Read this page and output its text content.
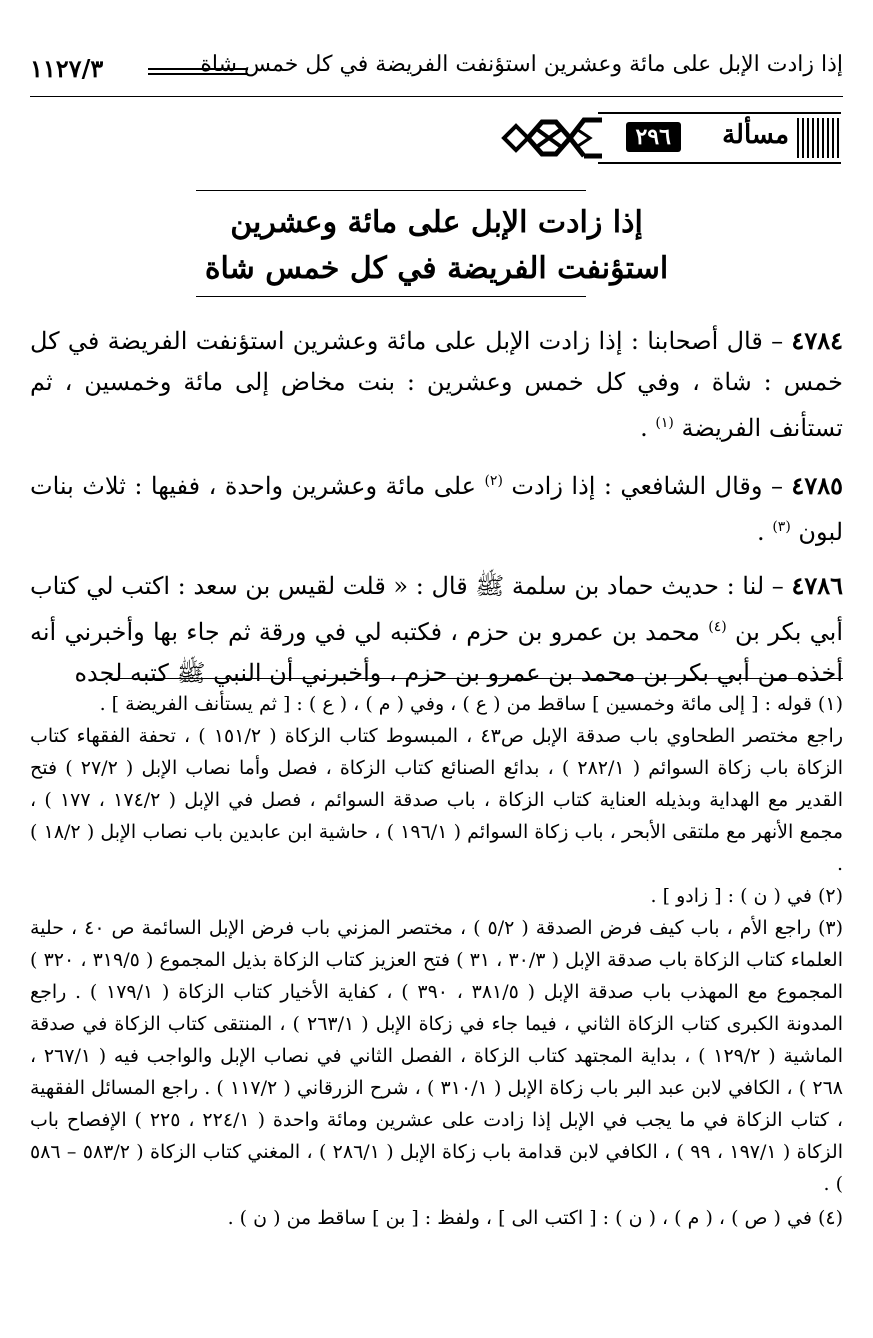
١١٢٧/٣	إذا زادت الإبل على مائة وعشرين استؤنفت الفريضة في كل خمس شاة
مسألة
٢٩٦
إذا زادت الإبل على مائة وعشرين
استؤنفت الفريضة في كل خمس شاة

٤٧٨٤ – قال أصحابنا : إذا زادت الإبل على مائة وعشرين استؤنفت الفريضة في كل خمس : شاة ، وفي كل خمس وعشرين : بنت مخاض إلى مائة وخمسين ، ثم تستأنف الفريضة $^{(١)}$ .

٤٧٨٥ – وقال الشافعي : إذا زادت $^{(٢)}$ على مائة وعشرين واحدة ، ففيها : ثلاث بنات لبون $^{(٣)}$ .

٤٧٨٦ – لنا : حديث حماد بن سلمة ﷺ قال : « قلت لقيس بن سعد : اكتب لي كتاب أبي بكر بن $^{(٤)}$ محمد بن عمرو بن حزم ، فكتبه لي في ورقة ثم جاء بها وأخبرني أنه أخذه من أبي بكر بن محمد بن عمرو بن حزم ، وأخبرني أن النبي ﷺ كتبه لجده

(١) قوله : [ إلى مائة وخمسين ] ساقط من ( ع ) ، وفي ( م ) ، ( ع ) : [ ثم يستأنف الفريضة ] .

راجع مختصر الطحاوي باب صدقة الإبل ص٤٣ ، المبسوط كتاب الزكاة ( ١٥١/٢ ) ، تحفة الفقهاء كتاب الزكاة باب زكاة السوائم ( ٢٨٢/١ ) ، بدائع الصنائع كتاب الزكاة ، فصل وأما نصاب الإبل ( ٢٧/٢ ) فتح القدير مع الهداية وبذيله العناية كتاب الزكاة ، باب صدقة السوائم ، فصل في الإبل ( ١٧٤/٢ ، ١٧٧ ) ، مجمع الأنهر مع ملتقى الأبحر ، باب زكاة السوائم ( ١٩٦/١ ) ، حاشية ابن عابدين باب نصاب الإبل ( ١٨/٢ ) .

(٢) في ( ن ) : [ زادو ] .

(٣) راجع الأم ، باب كيف فرض الصدقة ( ٥/٢ ) ، مختصر المزني باب فرض الإبل السائمة ص ٤٠ ، حلية العلماء كتاب الزكاة باب صدقة الإبل ( ٣٠/٣ ، ٣١ ) فتح العزيز كتاب الزكاة بذيل المجموع ( ٣١٩/٥ ، ٣٢٠ ) المجموع مع المهذب باب صدقة الإبل ( ٣٨١/٥ ، ٣٩٠ ) ، كفاية الأخيار كتاب الزكاة ( ١٧٩/١ ) . راجع المدونة الكبرى كتاب الزكاة الثاني ، فيما جاء في زكاة الإبل ( ٢٦٣/١ ) ، المنتقى كتاب الزكاة في صدقة الماشية ( ١٢٩/٢ ) ، بداية المجتهد كتاب الزكاة ، الفصل الثاني في نصاب الإبل والواجب فيه ( ٢٦٧/١ ، ٢٦٨ ) ، الكافي لابن عبد البر باب زكاة الإبل ( ٣١٠/١ ) ، شرح الزرقاني ( ١١٧/٢ ) . راجع المسائل الفقهية ، كتاب الزكاة في ما يجب في الإبل إذا زادت على عشرين ومائة واحدة ( ٢٢٤/١ ، ٢٢٥ ) الإفصاح باب الزكاة ( ١٩٧/١ ، ٩٩ ) ، الكافي لابن قدامة باب زكاة الإبل ( ٢٨٦/١ ) ، المغني كتاب الزكاة ( ٥٨٣/٢ – ٥٨٦ ) .

(٤) في ( ص ) ، ( م ) ، ( ن ) : [ اكتب الى ] ، ولفظ : [ بن ] ساقط من ( ن ) .
